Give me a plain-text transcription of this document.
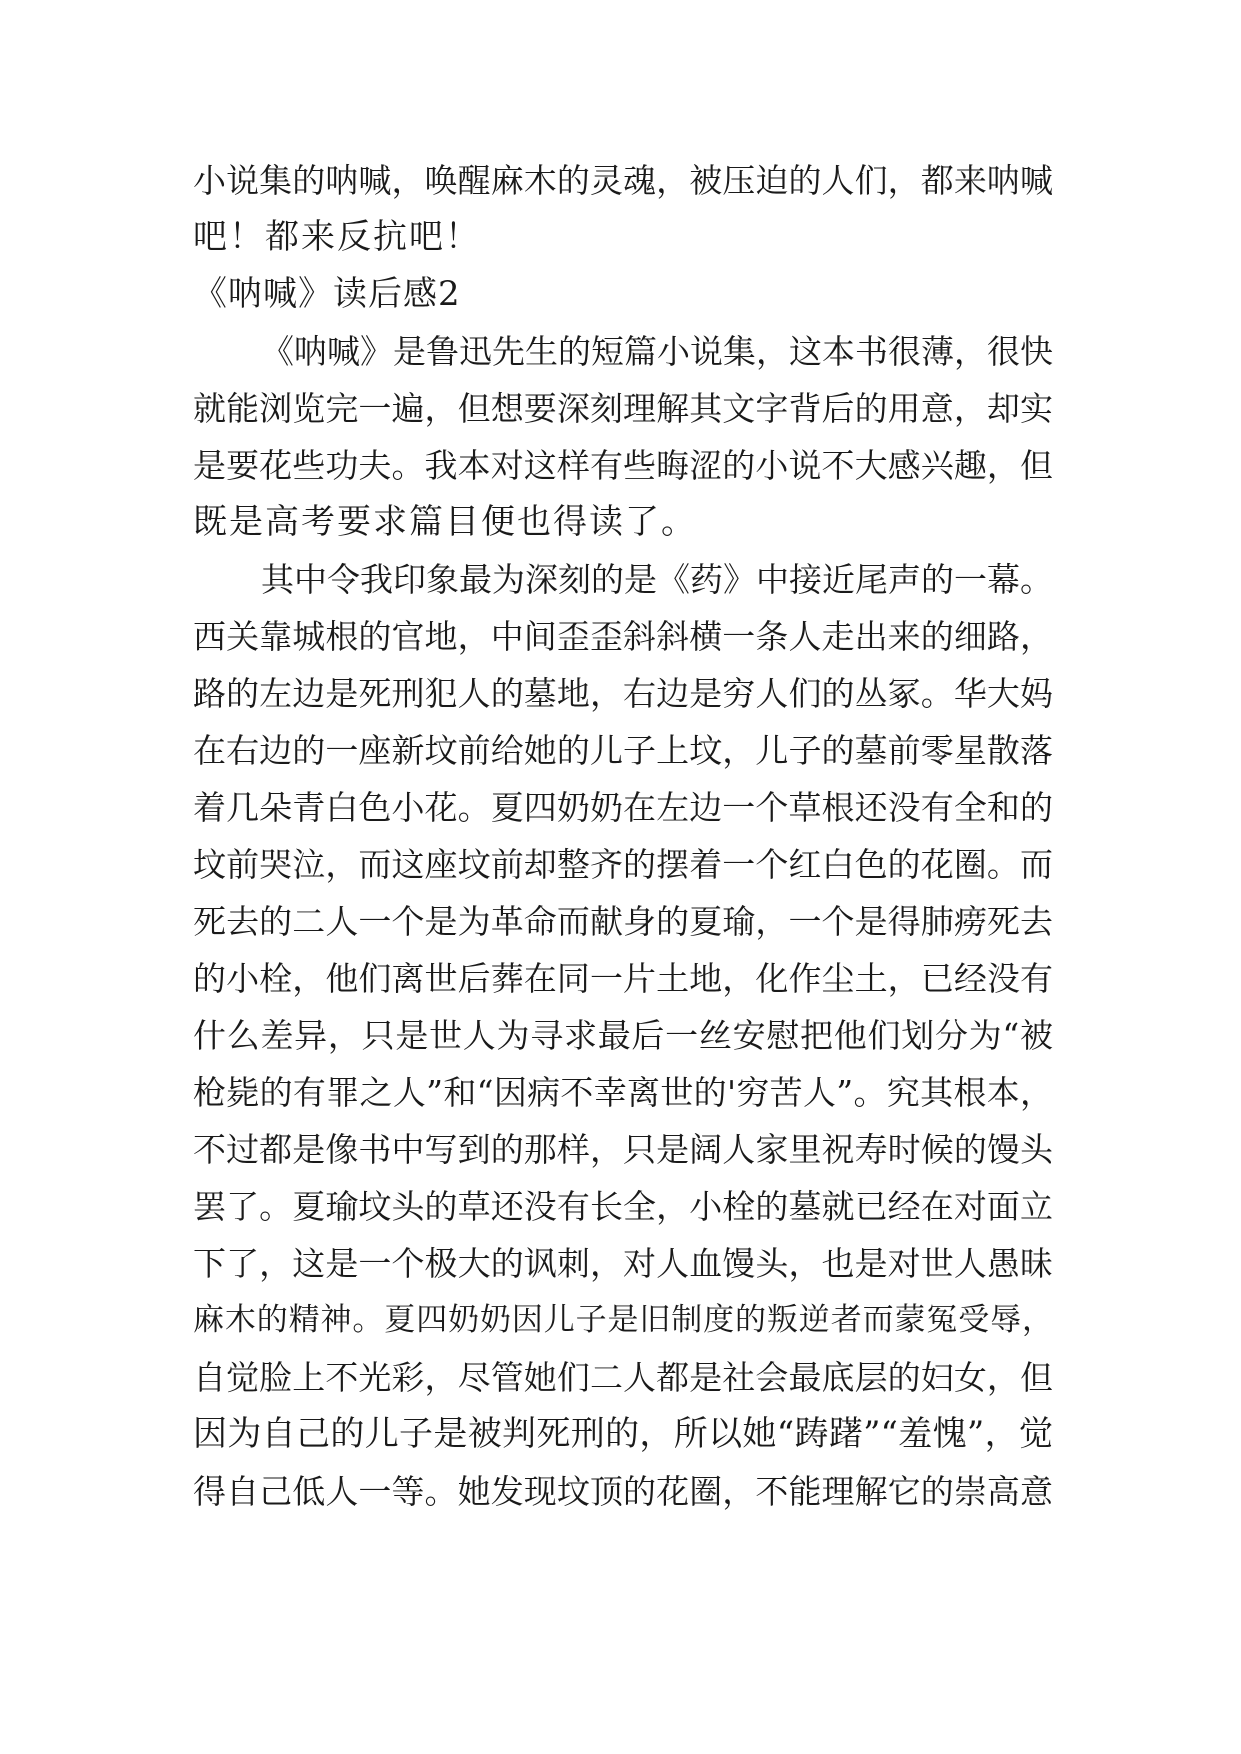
小说集的呐喊，唤醒麻木的灵魂，被压迫的人们，都来呐喊
吧！都来反抗吧！
《呐喊》读后感2
《呐喊》是鲁迅先生的短篇小说集，这本书很薄，很快
就能浏览完一遍，但想要深刻理解其文字背后的用意，却实
是要花些功夫。我本对这样有些晦涩的小说不大感兴趣，但
既是高考要求篇目便也得读了。
其中令我印象最为深刻的是《药》中接近尾声的一幕。
西关靠城根的官地，中间歪歪斜斜横一条人走出来的细路，
路的左边是死刑犯人的墓地，右边是穷人们的丛冢。华大妈
在右边的一座新坟前给她的儿子上坟，儿子的墓前零星散落
着几朵青白色小花。夏四奶奶在左边一个草根还没有全和的
坟前哭泣，而这座坟前却整齐的摆着一个红白色的花圈。而
死去的二人一个是为革命而献身的夏瑜，一个是得肺痨死去
的小栓，他们离世后葬在同一片土地，化作尘土，已经没有
什么差异，只是世人为寻求最后一丝安慰把他们划分为“被
枪毙的有罪之人”和“因病不幸离世的'穷苦人”。究其根本，
不过都是像书中写到的那样，只是阔人家里祝寿时候的馒头
罢了。夏瑜坟头的草还没有长全，小栓的墓就已经在对面立
下了，这是一个极大的讽刺，对人血馒头，也是对世人愚昧
麻木的精神。夏四奶奶因儿子是旧制度的叛逆者而蒙冤受辱，
自觉脸上不光彩，尽管她们二人都是社会最底层的妇女，但
因为自己的儿子是被判死刑的，所以她“踌躇”“羞愧”，觉
得自己低人一等。她发现坟顶的花圈，不能理解它的崇高意
